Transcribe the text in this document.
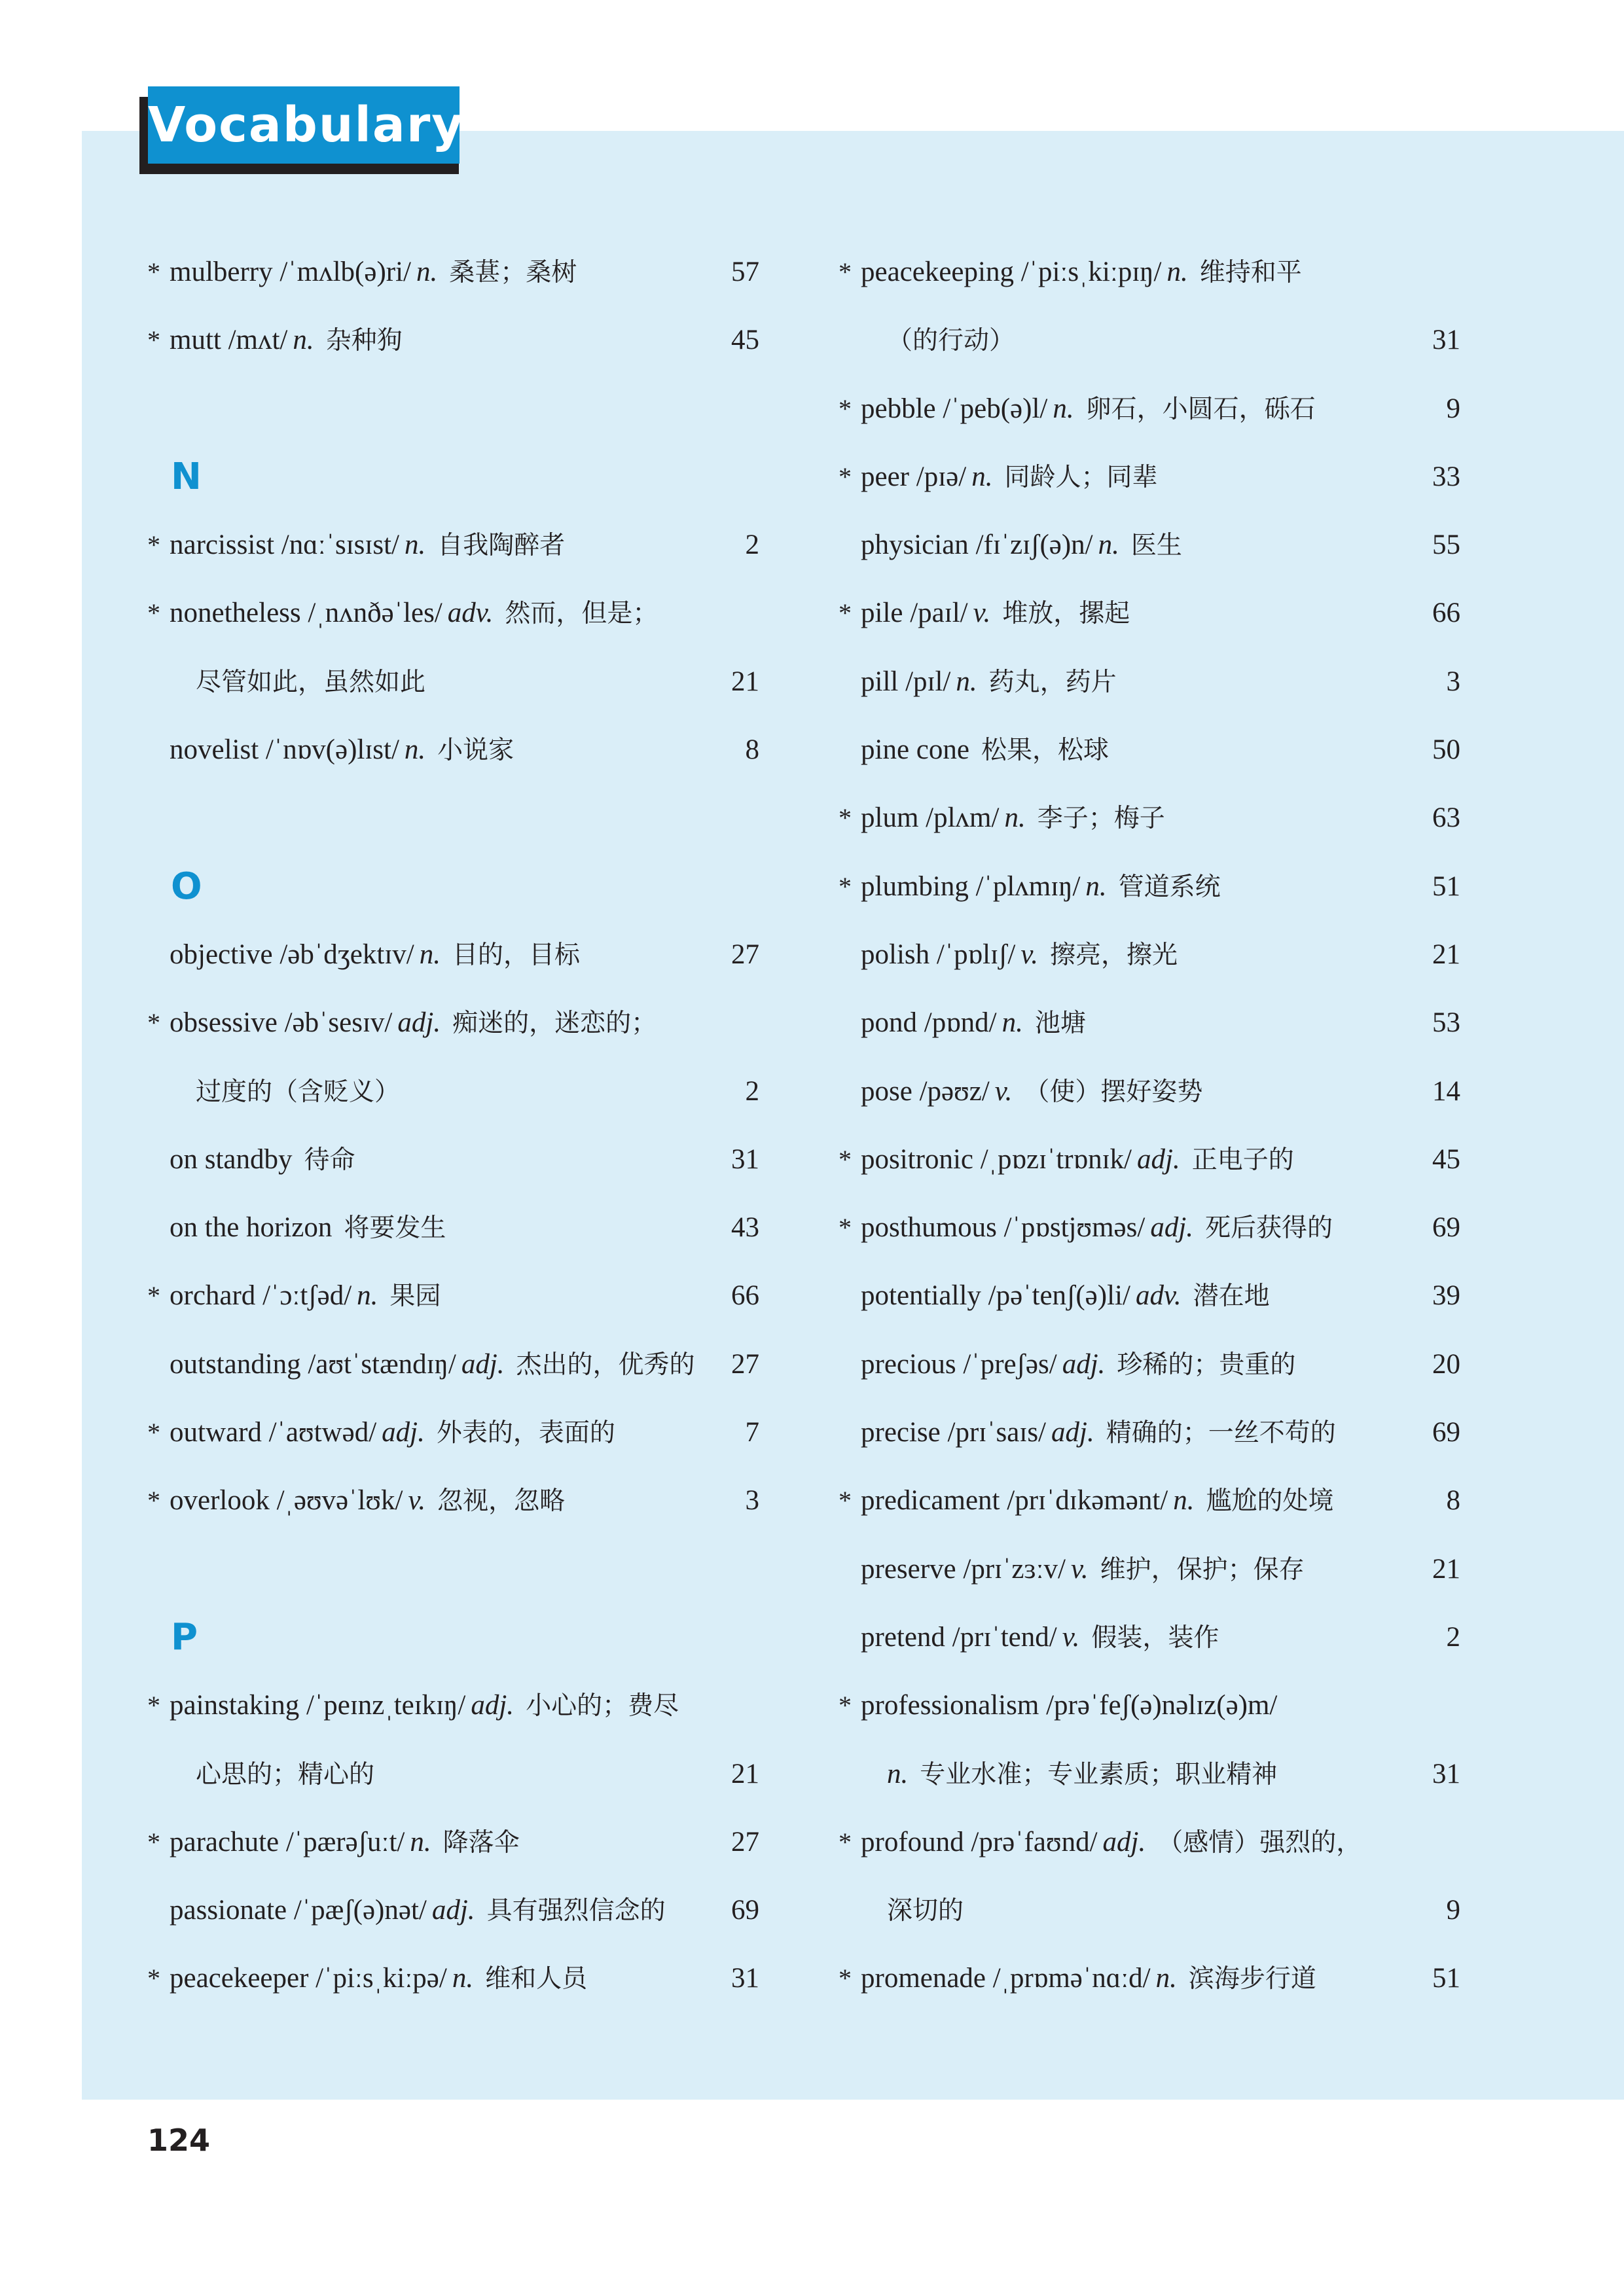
Vocabulary
* mulberry /ˈmʌlb(ə)ri/ n. 桑葚；桑树	57
* mutt /mʌt/ n. 杂种狗	45
N
* narcissist /nɑːˈsɪsɪst/ n. 自我陶醉者	2
* nonetheless /ˌnʌnðəˈles/ adv. 然而，但是；
尽管如此，虽然如此	21
novelist /ˈnɒv(ə)lɪst/ n. 小说家	8
O
objective /əbˈdʒektɪv/ n. 目的，目标	27
* obsessive /əbˈsesɪv/ adj. 痴迷的，迷恋的；
过度的（含贬义）	2
on standby 待命	31
on the horizon 将要发生	43
* orchard /ˈɔːtʃəd/ n. 果园	66
outstanding /aʊtˈstændɪŋ/ adj. 杰出的，优秀的	27
* outward /ˈaʊtwəd/ adj. 外表的，表面的	7
* overlook /ˌəʊvəˈlʊk/ v. 忽视，忽略	3
P
* painstaking /ˈpeɪnzˌteɪkɪŋ/ adj. 小心的；费尽
心思的；精心的	21
* parachute /ˈpærəʃuːt/ n. 降落伞	27
passionate /ˈpæʃ(ə)nət/ adj. 具有强烈信念的	69
* peacekeeper /ˈpiːsˌkiːpə/ n. 维和人员	31
* peacekeeping /ˈpiːsˌkiːpɪŋ/ n. 维持和平
（的行动）	31
* pebble /ˈpeb(ə)l/ n. 卵石，小圆石，砾石	9
* peer /pɪə/ n. 同龄人；同辈	33
physician /fɪˈzɪʃ(ə)n/ n. 医生	55
* pile /paɪl/ v. 堆放，摞起	66
pill /pɪl/ n. 药丸，药片	3
pine cone 松果，松球	50
* plum /plʌm/ n. 李子；梅子	63
* plumbing /ˈplʌmɪŋ/ n. 管道系统	51
polish /ˈpɒlɪʃ/ v. 擦亮，擦光	21
pond /pɒnd/ n. 池塘	53
pose /pəʊz/ v. （使）摆好姿势	14
* positronic /ˌpɒzɪˈtrɒnɪk/ adj. 正电子的	45
* posthumous /ˈpɒstjʊməs/ adj. 死后获得的	69
potentially /pəˈtenʃ(ə)li/ adv. 潜在地	39
precious /ˈpreʃəs/ adj. 珍稀的；贵重的	20
precise /prɪˈsaɪs/ adj. 精确的；一丝不苟的	69
* predicament /prɪˈdɪkəmənt/ n. 尴尬的处境	8
preserve /prɪˈzɜːv/ v. 维护，保护；保存	21
pretend /prɪˈtend/ v. 假装，装作	2
* professionalism /prəˈfeʃ(ə)nəlɪz(ə)m/
n. 专业水准；专业素质；职业精神	31
* profound /prəˈfaʊnd/ adj. （感情）强烈的，
深切的	9
* promenade /ˌprɒməˈnɑːd/ n. 滨海步行道	51
124
